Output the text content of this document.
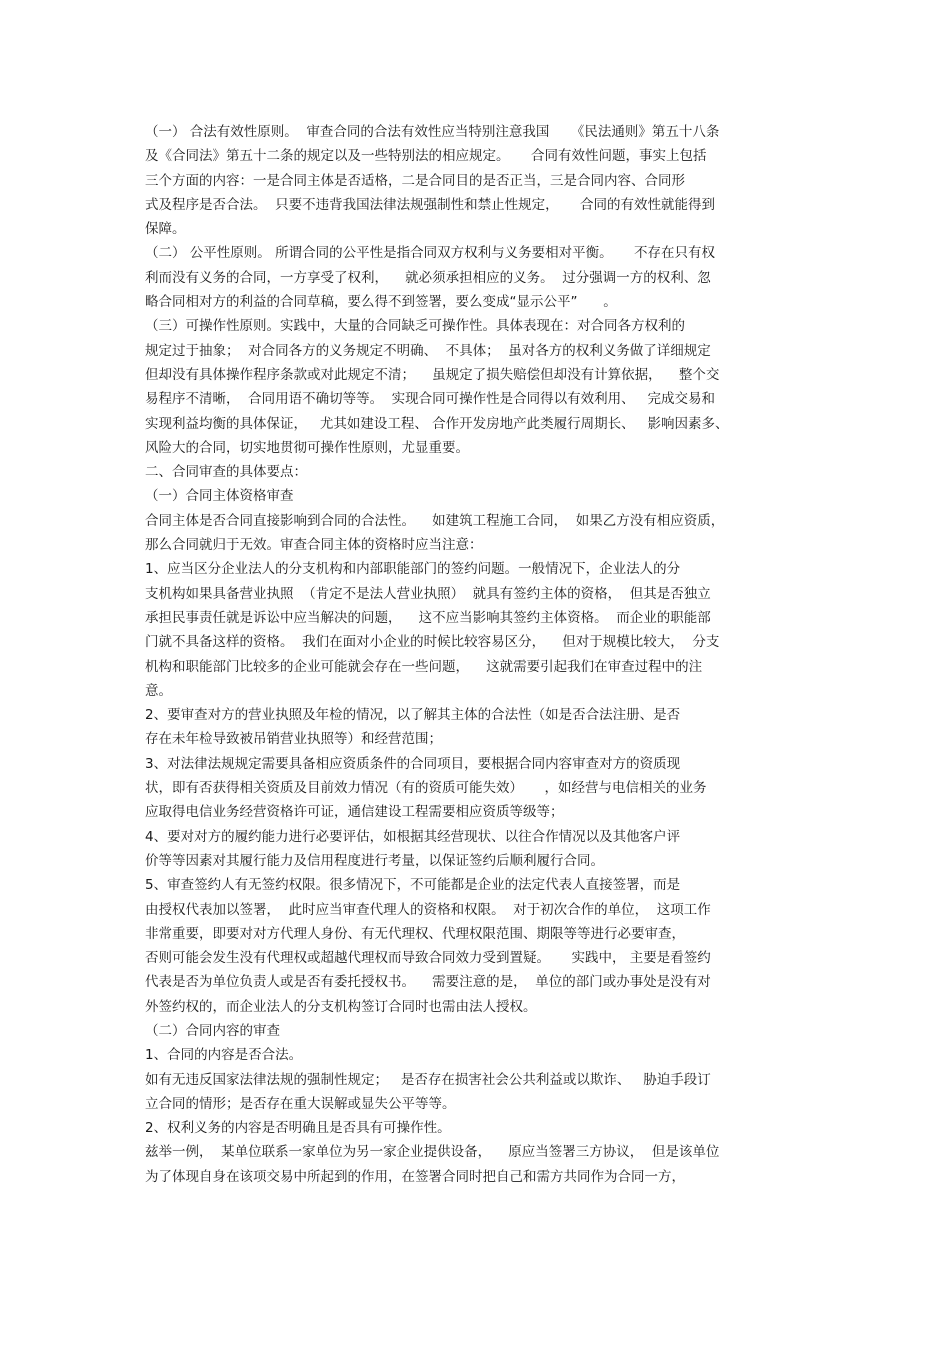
（一） 合法有效性原则。  审查合同的合法有效性应当特别注意我国     《民法通则》第五十八条
及《合同法》第五十二条的规定以及一些特别法的相应规定。     合同有效性问题，事实上包括
三个方面的内容：一是合同主体是否适格，二是合同目的是否正当，三是合同内容、合同形
式及程序是否合法。  只要不违背我国法律法规强制性和禁止性规定，     合同的有效性就能得到
保障。
（二） 公平性原则。 所谓合同的公平性是指合同双方权利与义务要相对平衡。     不存在只有权
利而没有义务的合同，一方享受了权利，    就必须承担相应的义务。  过分强调一方的权利、忽
略合同相对方的利益的合同草稿，要么得不到签署，要么变成“显示公平”      。
（三）可操作性原则。实践中，大量的合同缺乏可操作性。具体表现在：对合同各方权利的
规定过于抽象；  对合同各方的义务规定不明确、  不具体；  虽对各方的权利义务做了详细规定
但却没有具体操作程序条款或对此规定不清；    虽规定了损失赔偿但却没有计算依据，    整个交
易程序不清晰，  合同用语不确切等等。  实现合同可操作性是合同得以有效利用、   完成交易和
实现利益均衡的具体保证，   尤其如建设工程、 合作开发房地产此类履行周期长、   影响因素多、
风险大的合同，切实地贯彻可操作性原则，尤显重要。
二、合同审查的具体要点：
（一）合同主体资格审查
合同主体是否合同直接影响到合同的合法性。    如建筑工程施工合同，  如果乙方没有相应资质，
那么合同就归于无效。审查合同主体的资格时应当注意：
1、应当区分企业法人的分支机构和内部职能部门的签约问题。一般情况下，企业法人的分
支机构如果具备营业执照  （肯定不是法人营业执照）  就具有签约主体的资格，  但其是否独立
承担民事责任就是诉讼中应当解决的问题，    这不应当影响其签约主体资格。  而企业的职能部
门就不具备这样的资格。  我们在面对小企业的时候比较容易区分，    但对于规模比较大，  分支
机构和职能部门比较多的企业可能就会存在一些问题，    这就需要引起我们在审查过程中的注
意。
2、要审查对方的营业执照及年检的情况，以了解其主体的合法性（如是否合法注册、是否
存在未年检导致被吊销营业执照等）和经营范围；
3、对法律法规规定需要具备相应资质条件的合同项目，要根据合同内容审查对方的资质现
状，即有否获得相关资质及目前效力情况（有的资质可能失效）     ，如经营与电信相关的业务
应取得电信业务经营资格许可证，通信建设工程需要相应资质等级等；
4、要对对方的履约能力进行必要评估，如根据其经营现状、以往合作情况以及其他客户评
价等等因素对其履行能力及信用程度进行考量，以保证签约后顺利履行合同。
5、审查签约人有无签约权限。很多情况下，不可能都是企业的法定代表人直接签署，而是
由授权代表加以签署，  此时应当审查代理人的资格和权限。  对于初次合作的单位，  这项工作
非常重要，即要对对方代理人身份、有无代理权、代理权限范围、期限等等进行必要审查，
否则可能会发生没有代理权或超越代理权而导致合同效力受到置疑。     实践中， 主要是看签约
代表是否为单位负责人或是否有委托授权书。    需要注意的是，  单位的部门或办事处是没有对
外签约权的，而企业法人的分支机构签订合同时也需由法人授权。
（二）合同内容的审查
1、合同的内容是否合法。
如有无违反国家法律法规的强制性规定；   是否存在损害社会公共利益或以欺诈、   胁迫手段订
立合同的情形；是否存在重大误解或显失公平等等。
2、权利义务的内容是否明确且是否具有可操作性。
兹举一例，  某单位联系一家单位为另一家企业提供设备，    原应当签署三方协议，  但是该单位
为了体现自身在该项交易中所起到的作用，在签署合同时把自己和需方共同作为合同一方，
